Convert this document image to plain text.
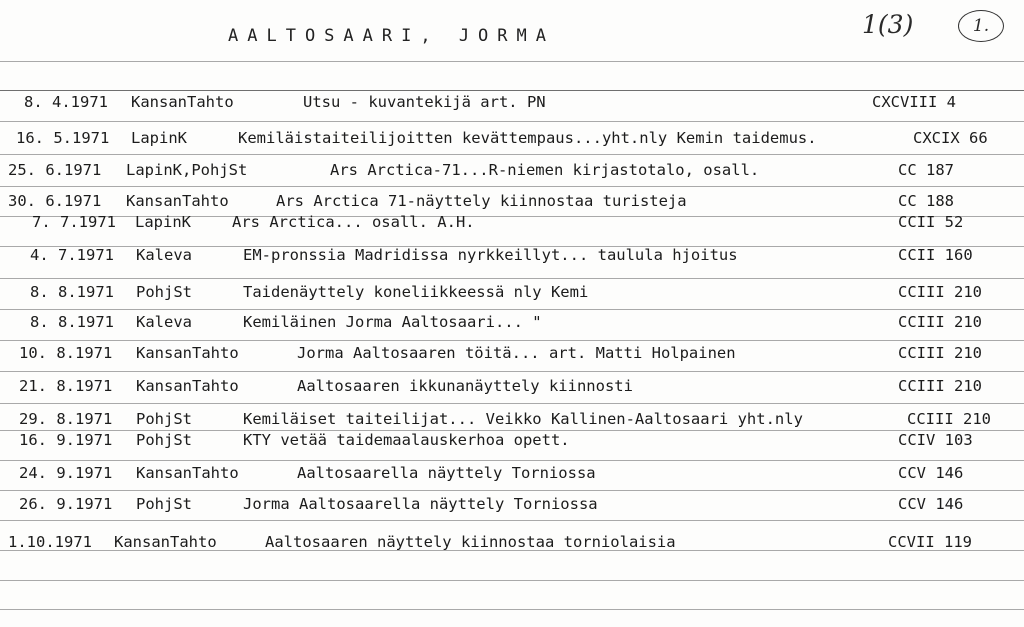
AALTOSAARI, JORMA	1(3)	1.
8. 4.1971 KansanTahto	Utsu - kuvantekijä art. PN	CXCVIII 4
16. 5.1971 LapinK	Kemiläistaiteilijoitten kevättempaus...yht.nly Kemin taidemus.	CXCIX 66
25. 6.1971 LapinK,PohjSt	Ars Arctica-71...R-niemen kirjastotalo, osall.	CC 187
30. 6.1971 KansanTahto	Ars Arctica 71-näyttely kiinnostaa turisteja	CC 188
7. 7.1971 LapinK	Ars Arctica... osall. A.H.	CCII 52
4. 7.1971 Kaleva	EM-pronssia Madridissa nyrkkeillyt... taulula hjoitus	CCII 160
8. 8.1971 PohjSt	Taidenäyttely koneliikkeessä nly Kemi	CCIII 210
8. 8.1971 Kaleva	Kemiläinen Jorma Aaltosaari... "	CCIII 210
10. 8.1971 KansanTahto	Jorma Aaltosaaren töitä... art. Matti Holpainen	CCIII 210
21. 8.1971 KansanTahto	Aaltosaaren ikkunanäyttely kiinnosti	CCIII 210
29. 8.1971 PohjSt	Kemiläiset taiteilijat... Veikko Kallinen-Aaltosaari yht.nly	CCIII 210
16. 9.1971 PohjSt	KTY vetää taidemaalauskerhoa opett.	CCIV 103
24. 9.1971 KansanTahto	Aaltosaarella näyttely Torniossa	CCV 146
26. 9.1971 PohjSt	Jorma Aaltosaarella näyttely Torniossa	CCV 146
1.10.1971 KansanTahto	Aaltosaaren näyttely kiinnostaa torniolaisia	CCVII 119
